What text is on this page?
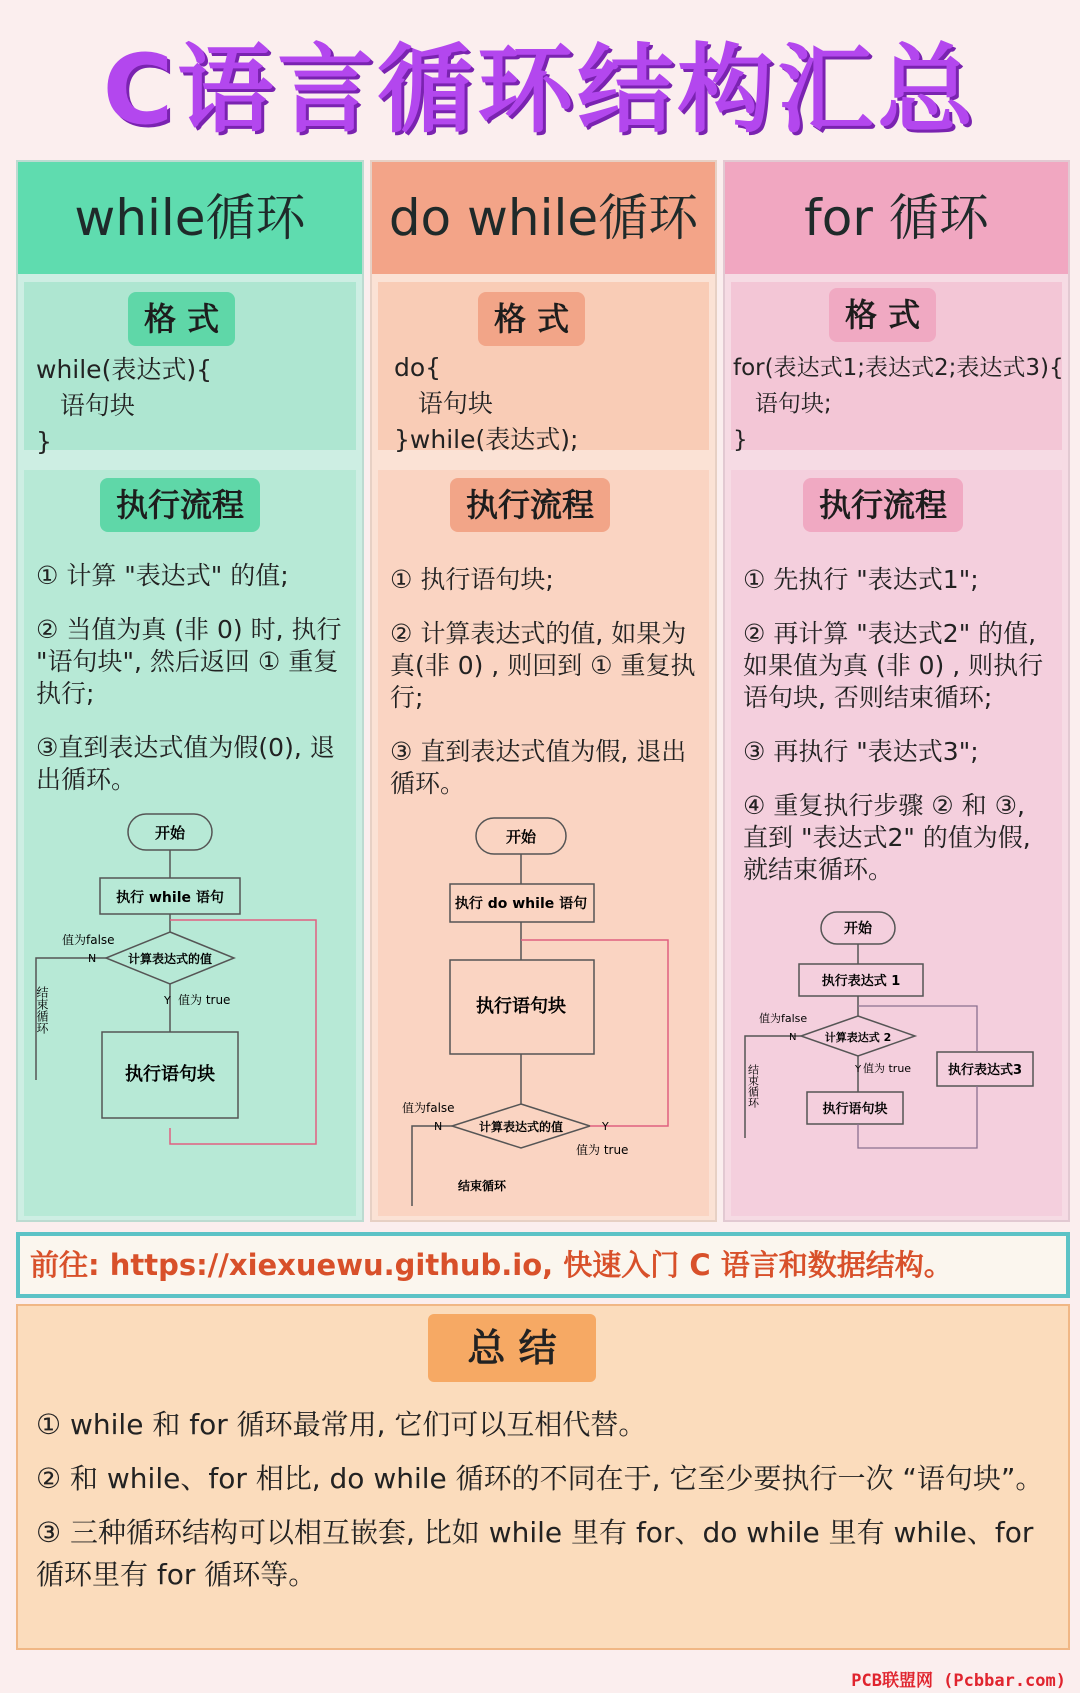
C语言循环结构汇总
while循环
格 式
while(表达式){
语句块
}
执行流程

① 计算 "表达式" 的值;

② 当值为真 (非 0) 时, 执行 "语句块", 然后返回 ① 重复执行;

③直到表达式值为假(0), 退出循环。

开始
执行 while 语句
计算表达式的值
值为false
N
Y 值为 true
执行语句块
结束循环
do while循环
格 式
do{
语句块
}while(表达式);
执行流程

① 执行语句块;

② 计算表达式的值, 如果为真(非 0) , 则回到 ① 重复执行;

③ 直到表达式值为假, 退出循环。

开始
执行 do while 语句
执行语句块
计算表达式的值
值为false
N	Y
值为 true
结束循环
for 循环
格 式
for(表达式1;表达式2;表达式3){
语句块;
}
执行流程

① 先执行 "表达式1";

② 再计算 "表达式2" 的值, 如果值为真 (非 0) , 则执行语句块, 否则结束循环;

③ 再执行 "表达式3";

④ 重复执行步骤 ② 和 ③, 直到 "表达式2" 的值为假, 就结束循环。

开始
执行表达式 1
计算表达式 2
值为false
N
Y 值为 true	执行表达式3
执行语句块
结束循环
前往: https://xiexuewu.github.io, 快速入门 C 语言和数据结构。
总 结

① while 和 for 循环最常用, 它们可以互相代替。

② 和 while、for 相比, do while 循环的不同在于, 它至少要执行一次 “语句块”。

③ 三种循环结构可以相互嵌套, 比如 while 里有 for、do while 里有 while、for 循环里有 for 循环等。

PCB联盟网 (Pcbbar.com)
